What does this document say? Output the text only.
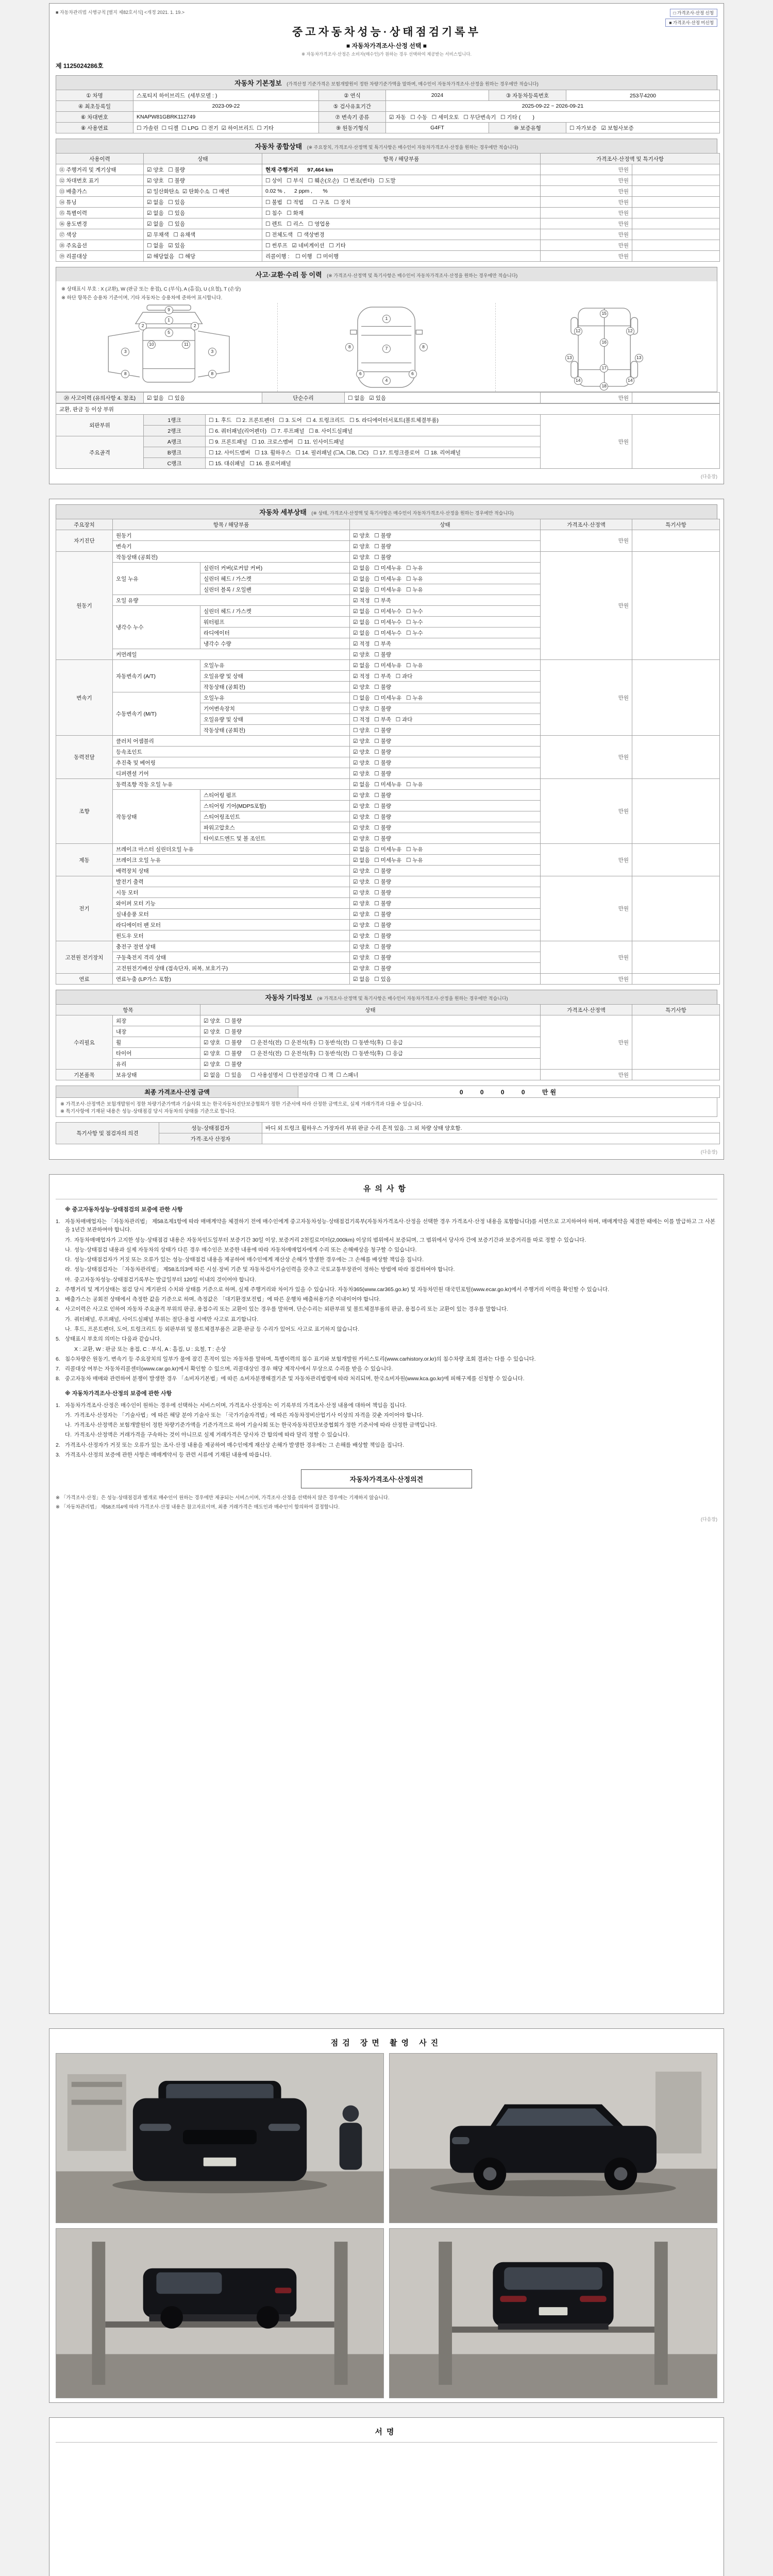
■ 자동차관리법 시행규칙 [별지 제82호서식] <개정 2021. 1. 19.>	□ 가격조사·산정 신청
■ 가격조사·산정 미신청
중고자동차성능·상태점검기록부
■ 자동차가격조사·산정 선택 ■
※ 자동차가격조사·산정은 소비자(매수인)가 원하는 경우 선택하여 제공받는 서비스입니다.
제 1125024286호
자동차 기본정보 (가격산정 기준가격은 보험개발원이 정한 차량기준가액을 말하며, 매수인이 자동차가격조사·산정을 원하는 경우에만 적습니다)
① 차명	스포티지 하이브리드  (세부모델 : )	② 연식	2024	③ 자동차등록번호	253무4200
④ 최초등록일	2023-09-22	⑤ 검사유효기간	2025-09-22 ~ 2026-09-21		
⑥ 차대번호	KNAPW81GBRK112749	⑦ 변속기 종류	☑ 자동   ☐ 수동   ☐ 세미오토   ☐ 무단변속기   ☐ 기타 (        )		
⑧ 사용연료	☐ 가솔린  ☐ 디젤  ☐ LPG  ☐ 전기  ☑ 하이브리드  ☐ 기타	⑨ 원동기형식	G4FT	⑩ 보증유형	☐ 자가보증   ☑ 보험사보증
자동차 종합상태 (※ 주요장치, 가격조사·산정액 및 특기사항은 매수인이 자동차가격조사·산정을 원하는 경우에만 적습니다)
사용이력	상태	항목 / 해당부품	가격조사·산정액 및 특기사항	
⑪ 주행거리 및 계기상태	☑ 양호   ☐ 불량	현재 주행거리      97,464 km	만원	
⑫ 차대번호 표기	☑ 양호   ☐ 불량	☐ 상이   ☐ 부식   ☐ 훼손(오손)   ☐ 변조(변타)   ☐ 도말	만원	
⑬ 배출가스	☑ 일산화탄소  ☑ 탄화수소  ☐ 매연	0.02 % ,      2 ppm ,       %	만원	
⑭ 튜닝	☑ 없음   ☐ 있음	☐ 불법   ☐ 적법      ☐ 구조   ☐ 장치	만원	
⑮ 특별이력	☑ 없음   ☐ 있음	☐ 침수   ☐ 화재	만원	
⑯ 용도변경	☑ 없음   ☐ 있음	☐ 렌트   ☐ 리스   ☐ 영업용	만원	
⑰ 색상	☑ 무채색   ☐ 유채색	☐ 전체도색   ☐ 색상변경	만원	
⑱ 주요옵션	☐ 없음   ☑ 있음	☐ 썬루프   ☑ 네비게이션   ☐ 기타	만원	
⑲ 리콜대상	☑ 해당없음   ☐ 해당	리콜이행 :    ☐ 이행   ☐ 미이행	만원	
사고·교환·수리 등 이력 (※ 가격조사·산정액 및 특기사항은 매수인이 자동차가격조사·산정을 원하는 경우에만 적습니다)
※ 상태표시 부호 : X (교환), W (판금 또는 용접), C (부식), A (흠집), U (요철), T (손상)
※ 하단 항목은 승용차 기준이며, 기타 자동차는 승용차에 준하여 표시합니다.
9
1
5
2	2
10	11
3	3
8	8
1
7
4
6	6
8	8
15
16
12	12
13	13
17
14	14
18
⑳ 사고이력 (유의사항 4. 참조)	☑ 없음   ☐ 있음	단순수리	☐ 없음   ☑ 있음	만원	
교환, 판금 등 이상 부위				
외판부위	1랭크	☐ 1. 후드   ☐ 2. 프론트펜더   ☐ 3. 도어   ☐ 4. 트렁크리드   ☐ 5. 라디에이터서포트(볼트체결부품)	만원	
	2랭크	☐ 6. 쿼터패널(리어펜더)   ☐ 7. 루프패널   ☐ 8. 사이드실패널		
주요골격	A랭크	☐ 9. 프론트패널   ☐ 10. 크로스멤버   ☐ 11. 인사이드패널		
	B랭크	☐ 12. 사이드멤버   ☐ 13. 휠하우스   ☐ 14. 필러패널 (☐A, ☐B, ☐C)   ☐ 17. 트렁크플로어   ☐ 18. 리어패널		
	C랭크	☐ 15. 대쉬패널   ☐ 16. 플로어패널		
(다음장)
자동차 세부상태 (※ 상태, 가격조사·산정액 및 특기사항은 매수인이 자동차가격조사·산정을 원하는 경우에만 적습니다)
주요장치	항목 / 해당부품		상태	가격조사·산정액	특기사항
자기진단	원동기		☑ 양호   ☐ 불량	만원	
	변속기		☑ 양호   ☐ 불량		
원동기	작동상태 (공회전)		☑ 양호   ☐ 불량	만원	
	오일 누유	실린더 커버(로커암 커버)	☑ 없음   ☐ 미세누유   ☐ 누유		
		실린더 헤드 / 가스켓	☑ 없음   ☐ 미세누유   ☐ 누유		
		실린더 블록 / 오일팬	☑ 없음   ☐ 미세누유   ☐ 누유		
	오일 유량		☑ 적정   ☐ 부족		
	냉각수 누수	실린더 헤드 / 가스켓	☑ 없음   ☐ 미세누수   ☐ 누수		
		워터펌프	☑ 없음   ☐ 미세누수   ☐ 누수		
		라디에이터	☑ 없음   ☐ 미세누수   ☐ 누수		
		냉각수 수량	☑ 적정   ☐ 부족		
	커먼레일		☑ 양호   ☐ 불량		
변속기	자동변속기 (A/T)	오일누유	☑ 없음   ☐ 미세누유   ☐ 누유	만원	
		오일유량 및 상태	☑ 적정   ☐ 부족   ☐ 과다		
		작동상태 (공회전)	☑ 양호   ☐ 불량		
	수동변속기 (M/T)	오일누유	☐ 없음   ☐ 미세누유   ☐ 누유		
		기어변속장치	☐ 양호   ☐ 불량		
		오일유량 및 상태	☐ 적정   ☐ 부족   ☐ 과다		
		작동상태 (공회전)	☐ 양호   ☐ 불량		
동력전달	클러치 어셈블리		☑ 양호   ☐ 불량	만원	
	등속조인트		☑ 양호   ☐ 불량		
	추진축 및 베어링		☑ 양호   ☐ 불량		
	디퍼렌셜 기어		☑ 양호   ☐ 불량		
조향	동력조향 작동 오일 누유		☑ 없음   ☐ 미세누유   ☐ 누유	만원	
	작동상태	스티어링 펌프	☑ 양호   ☐ 불량		
		스티어링 기어(MDPS포함)	☑ 양호   ☐ 불량		
		스티어링조인트	☑ 양호   ☐ 불량		
		파워고압호스	☑ 양호   ☐ 불량		
		타이로드엔드 및 볼 조인트	☑ 양호   ☐ 불량		
제동	브레이크 마스터 실린더오일 누유		☑ 없음   ☐ 미세누유   ☐ 누유	만원	
	브레이크 오일 누유		☑ 없음   ☐ 미세누유   ☐ 누유		
	배력장치 상태		☑ 양호   ☐ 불량		
전기	발전기 출력		☑ 양호   ☐ 불량	만원	
	시동 모터		☑ 양호   ☐ 불량		
	와이퍼 모터 기능		☑ 양호   ☐ 불량		
	실내송풍 모터		☑ 양호   ☐ 불량		
	라디에이터 팬 모터		☑ 양호   ☐ 불량		
	윈도우 모터		☑ 양호   ☐ 불량		
고전원 전기장치	충전구 절연 상태		☑ 양호   ☐ 불량	만원	
	구동축전지 격리 상태		☑ 양호   ☐ 불량		
	고전원전기배선 상태 (접속단자, 피복, 보호기구)		☑ 양호   ☐ 불량		
연료	연료누출 (LP가스 포함)		☑ 없음   ☐ 있음	만원	
자동차 기타정보 (※ 가격조사·산정액 및 특기사항은 매수인이 자동차가격조사·산정을 원하는 경우에만 적습니다)
항목		상태	가격조사·산정액	특기사항
수리필요	외장	☑ 양호   ☐ 불량	만원	
	내장	☑ 양호   ☐ 불량		
	휠	☑ 양호   ☐ 불량      ☐ 운전석(전)  ☐ 운전석(후)  ☐ 동반석(전)  ☐ 동반석(후)  ☐ 응급		
	타이어	☑ 양호   ☐ 불량      ☐ 운전석(전)  ☐ 운전석(후)  ☐ 동반석(전)  ☐ 동반석(후)  ☐ 응급		
	유리	☑ 양호   ☐ 불량		
기본품목	보유상태	☑ 없음   ☐ 있음      ☐ 사용설명서  ☐ 안전삼각대  ☐ 잭  ☐ 스패너	만원	
최종 가격조사·산정 금액	0    0    0    0    만원
※ 가격조사·산정액은 보험개발원이 정한 차량기준가액과 기술사회 또는 한국자동차진단보증협회가 정한 기준서에 따라 산정한 금액으로, 실제 거래가격과 다를 수 있습니다.
※ 특기사항에 기재된 내용은 성능·상태점검 당시 자동차의 상태를 기준으로 합니다.
특기사항 및 점검자의 의견	성능·상태점검자	바디 외 트렁크 휠하우스 가장자리 부위 판금 수리 흔적 있음. 그 외 차량 상태 양호함.
	가격·조사 산정자	
(다음장)
유의사항
※ 중고자동차성능·상태점검의 보증에 관한 사항
1. 자동차매매업자는 「자동차관리법」 제58조제1항에 따라 매매계약을 체결하기 전에 매수인에게 중고자동차성능·상태점검기록부(자동차가격조사·산정을 선택한 경우 가격조사·산정 내용을 포함합니다)를 서면으로 고지하여야 하며, 매매계약을 체결한 때에는 이를 발급하고 그 사본을 1년간 보관하여야 합니다.
가. 자동차매매업자가 고지한 성능·상태점검 내용은 자동차인도일부터 보증기간 30일 이상, 보증거리 2천킬로미터(2,000km) 이상의 범위에서 보증되며, 그 범위에서 당사자 간에 보증기간과 보증거리를 따로 정할 수 있습니다.
나. 성능·상태점검 내용과 실제 자동차의 상태가 다른 경우 매수인은 보증한 내용에 따라 자동차매매업자에게 수리 또는 손해배상을 청구할 수 있습니다.
다. 성능·상태점검자가 거짓 또는 오류가 있는 성능·상태점검 내용을 제공하여 매수인에게 재산상 손해가 발생한 경우에는 그 손해를 배상할 책임을 집니다.
라. 성능·상태점검자는 「자동차관리법」 제58조의3에 따른 시설·장비 기준 및 자동차검사기술인력을 갖추고 국토교통부장관이 정하는 방법에 따라 점검하여야 합니다.
마. 중고자동차성능·상태점검기록부는 발급일부터 120일 이내의 것이어야 합니다.
2. 주행거리 및 계기상태는 점검 당시 계기판의 수치와 상태를 기준으로 하며, 실제 주행거리와 차이가 있을 수 있습니다. 자동차365(www.car365.go.kr) 및 자동차민원 대국민포털(www.ecar.go.kr)에서 주행거리 이력을 확인할 수 있습니다.
3. 배출가스는 공회전 상태에서 측정한 값을 기준으로 하며, 측정값은 「대기환경보전법」에 따른 운행차 배출허용기준 이내이어야 합니다.
4. 사고이력은 사고로 인하여 자동차 주요골격 부위의 판금, 용접수리 또는 교환이 있는 경우를 말하며, 단순수리는 외판부위 및 볼트체결부품의 판금, 용접수리 또는 교환이 있는 경우를 말합니다.
가. 쿼터패널, 루프패널, 사이드실패널 부위는 절단·용접 시에만 사고로 표기합니다.
나. 후드, 프론트펜더, 도어, 트렁크리드 등 외판부위 및 볼트체결부품은 교환·판금 등 수리가 있어도 사고로 표기하지 않습니다.
5. 상태표시 부호의 의미는 다음과 같습니다.
X : 교환, W : 판금 또는 용접, C : 부식, A : 흠집, U : 요철, T : 손상
6. 침수차량은 원동기, 변속기 등 주요장치의 일부가 물에 잠긴 흔적이 있는 자동차를 말하며, 특별이력의 침수 표기와 보험개발원 카히스토리(www.carhistory.or.kr)의 침수차량 조회 결과는 다를 수 있습니다.
7. 리콜대상 여부는 자동차리콜센터(www.car.go.kr)에서 확인할 수 있으며, 리콜대상인 경우 해당 제작사에서 무상으로 수리를 받을 수 있습니다.
8. 중고자동차 매매와 관련하여 분쟁이 발생한 경우 「소비자기본법」에 따른 소비자분쟁해결기준 및 자동차관리법령에 따라 처리되며, 한국소비자원(www.kca.go.kr)에 피해구제를 신청할 수 있습니다.
※ 자동차가격조사·산정의 보증에 관한 사항
1. 자동차가격조사·산정은 매수인이 원하는 경우에 선택하는 서비스이며, 가격조사·산정자는 이 기록부의 가격조사·산정 내용에 대하여 책임을 집니다.
가. 가격조사·산정자는 「기술사법」에 따른 해당 분야 기술사 또는 「국가기술자격법」에 따른 자동차정비산업기사 이상의 자격을 갖춘 자이어야 합니다.
나. 가격조사·산정액은 보험개발원이 정한 차량기준가액을 기준가격으로 하여 기술사회 또는 한국자동차진단보증협회가 정한 기준서에 따라 산정한 금액입니다.
다. 가격조사·산정액은 거래가격을 구속하는 것이 아니므로 실제 거래가격은 당사자 간 합의에 따라 달리 정할 수 있습니다.
2. 가격조사·산정자가 거짓 또는 오류가 있는 조사·산정 내용을 제공하여 매수인에게 재산상 손해가 발생한 경우에는 그 손해를 배상할 책임을 집니다.
3. 가격조사·산정의 보증에 관한 사항은 매매계약서 등 관련 서류에 기재된 내용에 따릅니다.
자동차가격조사·산정의견
※ 「가격조사·산정」은 성능·상태점검과 별개로 매수인이 원하는 경우에만 제공되는 서비스이며, 가격조사·산정을 선택하지 않은 경우에는 기재하지 않습니다.
※ 「자동차관리법」 제58조의4에 따라 가격조사·산정 내용은 참고자료이며, 최종 거래가격은 매도인과 매수인이 합의하여 결정합니다.
(다음장)
점검 장면 촬영 사진
서명
